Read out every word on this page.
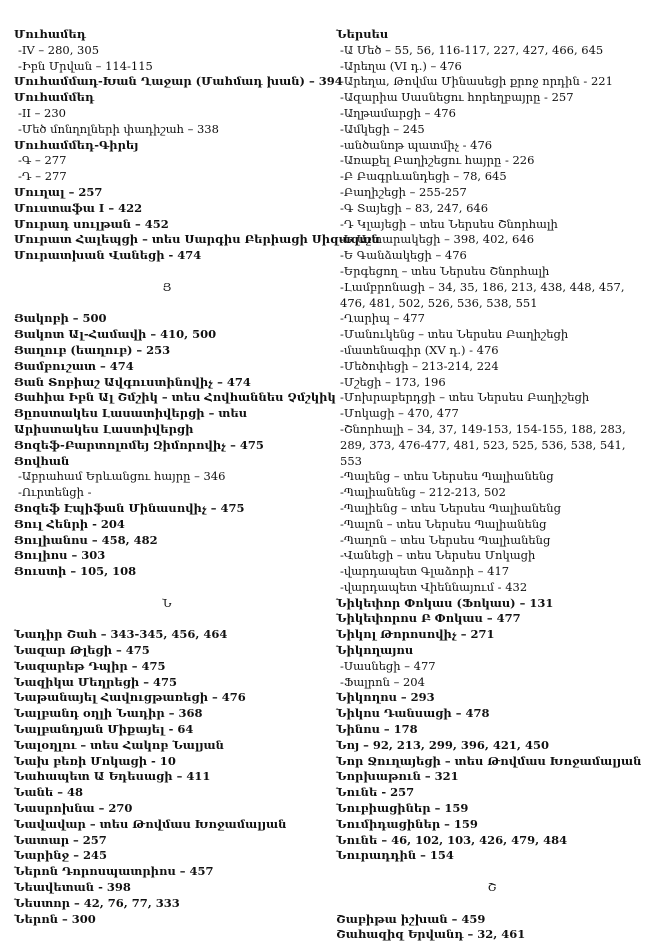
Մուհամեդ
-IV – 280, 305
-Իբն Մրվան – 114-115
Մուհամմադ-Խան Ղաջար (Մահմադ խան) – 394
Մուհամմեդ
-II – 230
-Մեծ մոնղոլների փադիշահ – 338
Մուհամմեդ-Գիրեյ
-Գ – 277
-Դ – 277
Մուղալ – 257
Մուստաֆա I – 422
Մուրադ սուլթան – 452
Մուրատ Հալեպցի – տես Սարգիս Բերիացի Սիզազան
Մուրատխան Վանեցի - 474
Յ
Յակոբի – 500
Յակոտ Ալ-Համավի – 410, 500
Յաղուբ (եաղուբ) – 253
Յամբուշատ – 474
Յան Տոբիաշ Ավգուստինովիչ – 474
Յահիա Իբն Ալ Շմշիկ – տես Հովհաննես Չմշկիկ
Յըոստակես Լասատիվերցի – տես Արիստակես Լաստիվերցի
Յոզեֆ-Բարտոլոմեյ Զիմորովիչ – 475
Յովհան
-Աբրահամ Երևանցու հայրը – 346
-Ուրտենցի -
Յոզեֆ Էպիֆան Մինասովիչ – 475
Յուլ Հենրի - 204
Յուլիանոս – 458, 482
Յուլիոս – 303
Յուստի – 105, 108
Ն
Նադիր Շահ – 343-345, 456, 464
Նազար Թլեցի – 475
Նազարեթ Դպիր – 475
Նազիկա Մեղրեցի – 475
Նաթանայել Հավուցթառեցի – 476
Նալբանդ օղլի Նադիր – 368
Նալբանդյան Միքայել - 64
Նալօղլու – տես Հակոբ Նալյան
Նախ բեռի Մոկացի - 10
Նահապետ Ա Եդեսացի – 411
Նանե – 48
Նասրոխնա – 270
Նավավար – տես Թովմաս Խոջամալյան
Նատար – 257
Նարինջ – 245
Ներոն Դորոսպատրիոս – 457
Նեավետան - 398
Նեստոր – 42, 76, 77, 333
Ներոն – 300
Ներսես
-Ա Մեծ – 55, 56, 116-117, 227, 427, 466, 645
-Արեղա (VI դ.) – 476
-Արեղա, Թովմա Մինասեցի քրոջ որդին - 221
-Ազարիա Սասնեցու հորեղբայրը - 257
-Աղթամարցի – 476
-Ամկեցի – 245
-անծանոթ պատմիչ - 476
-Առաքել Բաղիշեցու հայրը - 226
-Բ Բագրևանդեցի – 78, 645
-Բաղիշեցի – 255-257
-Գ Տայեցի – 83, 247, 646
-Դ Կլայեցի – տես Ներսես Շնորհալի
-Ե Աշտարակեցի – 398, 402, 646
-Ե Գանձակեցի – 476
-Երգեցող – տես Ներսես Շնորհալի
-Լամբրոնացի – 34, 35, 186, 213, 438, 448, 457, 476, 481, 502, 526, 536, 538, 551
-Ղարիպ – 477
-Մանուկենց – տես Ներսես Բաղիշեցի
-մատենագիր (XV դ.) - 476
-Մեծոփեցի – 213-214, 224
-Մշեցի – 173, 196
-Մոխրաբերդցի – տես Ներսես Բաղիշեցի
-Մոկացի – 470, 477
-Շնորհալի – 34, 37, 149-153, 154-155, 188, 283, 289, 373, 476-477, 481, 523, 525, 536, 538, 541, 553
-Պալենց – տես Ներսես Պալիանենց
-Պալիանենց – 212-213, 502
-Պալիենց – տես Ներսես Պալիանենց
-Պալոն – տես Ներսես Պալիանենց
-Պաղոն – տես Ներսես Պալիանենց
-Վանեցի – տես Ներսես Մոկացի
-վարդապետ Գլաձորի – 417
-վարդապետ Վիեննայում - 432
Նիկեփոր Փոկաս (Ֆոկաս) – 131
Նիկեփորոս Բ Փոկաս – 477
Նիկոլ Թորոսովիչ – 271
Նիկողայոս
-Սասնեցի – 477
-Ֆալրոն – 204
Նիկողոս – 293
Նիկոս Դանսացի – 478
Նինոս – 178
Նոյ – 92, 213, 299, 396, 421, 450
Նոր Ջուղայեցի – տես Թովմաս Խոջամալյան
Նորխաթուն – 321
Նունե - 257
Նուբիացիներ – 159
Նումիդացիներ – 159
Նունե – 46, 102, 103, 426, 479, 484
Նուրադդին – 154
Շ
Շաբիթա իշխան – 459
Շահազիզ Երվանդ – 32, 461
